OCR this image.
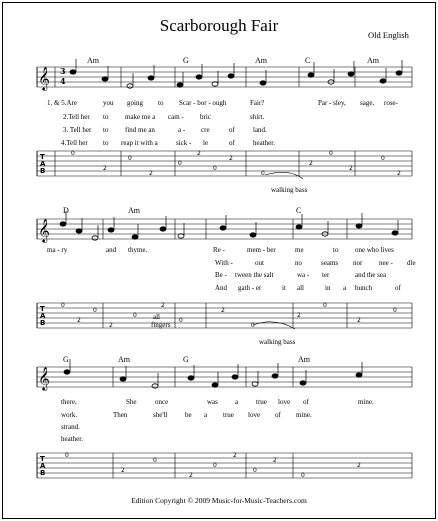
Scarborough Fair	Old English
𝄞
T
A
B
0
2
0
2
0
2
0
2
0
2
0
2
0
2
𝄞
T
A
B
0
2
0
2
0
2
0
2
0
2
0
2
0
𝄞
T
A
B
0
2
0
2
0
2
0
2
0
2
3
4
Am	G	Am	C	Am
1. & 5.Are	you going to Scar - bor - ough	Fair?	Par - sley, sage, rose-
2.Tell her to make me a cam - bric	shirt.
3. Tell her to find me an	a - cre	of	land.
4.Tell her to reap it with a	sick - le	of	heather.
walking bass
D	Am	C
ma - ry	and thyme.	Re -	mem - ber	me	to one who lives
With -	out	no	seams nor nee - dle
Be - tween the salt	wa - ter	and the sea
And gath - er	it all	in a bunch	of
all
fingers
walking bass
G	Am	G	Am
there,	She	once	was a	true love of	mine.
work.	Then	she'll	be a true love of mine.
strand.
heather.
Edition Copyright © 2009 Music-for-Music-Teachers.com
